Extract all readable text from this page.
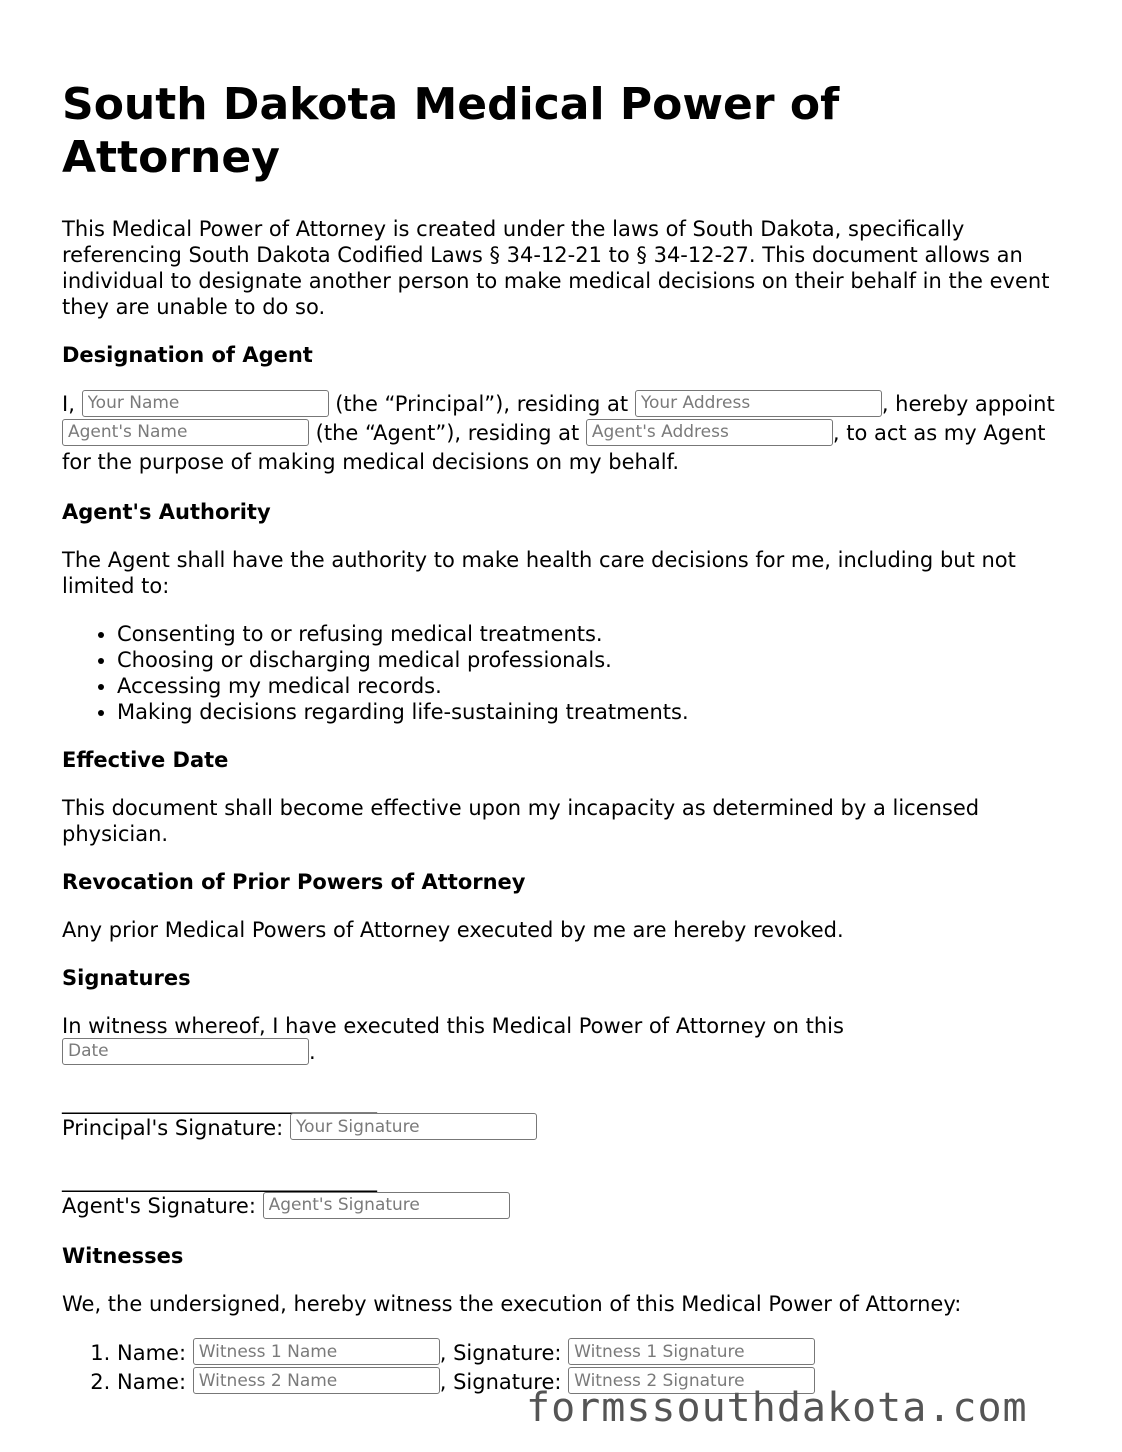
South Dakota Medical Power of Attorney

This Medical Power of Attorney is created under the laws of South Dakota, specifically referencing South Dakota Codified Laws § 34-12-21 to § 34-12-27. This document allows an individual to designate another person to make medical decisions on their behalf in the event they are unable to do so.

Designation of Agent

I, Your Name	(the “Principal”), residing at Your Address	, hereby appoint Agent's Name (the “Agent”), residing at Agent's Address	, to act as my Agent for the purpose of making medical decisions on my behalf.

Agent's Authority

The Agent shall have the authority to make health care decisions for me, including but not limited to:

• Consenting to or refusing medical treatments.
• Choosing or discharging medical professionals.
• Accessing my medical records.
• Making decisions regarding life-sustaining treatments.
Effective Date

This document shall become effective upon my incapacity as determined by a licensed physician.

Revocation of Prior Powers of Attorney

Any prior Medical Powers of Attorney executed by me are hereby revoked.

Signatures

In witness whereof, I have executed this Medical Power of Attorney on this
Date.

______________________________
Principal's Signature: Your Signature
______________________________
Agent's Signature: Agent's Signature
Witnesses

We, the undersigned, hereby witness the execution of this Medical Power of Attorney:

1. Name: Witness 1 Name	, Signature: Witness 1 Signature
2. Name: Witness 2 Name	, Signature: Witness 2 Signature
formssouthdakota.com
